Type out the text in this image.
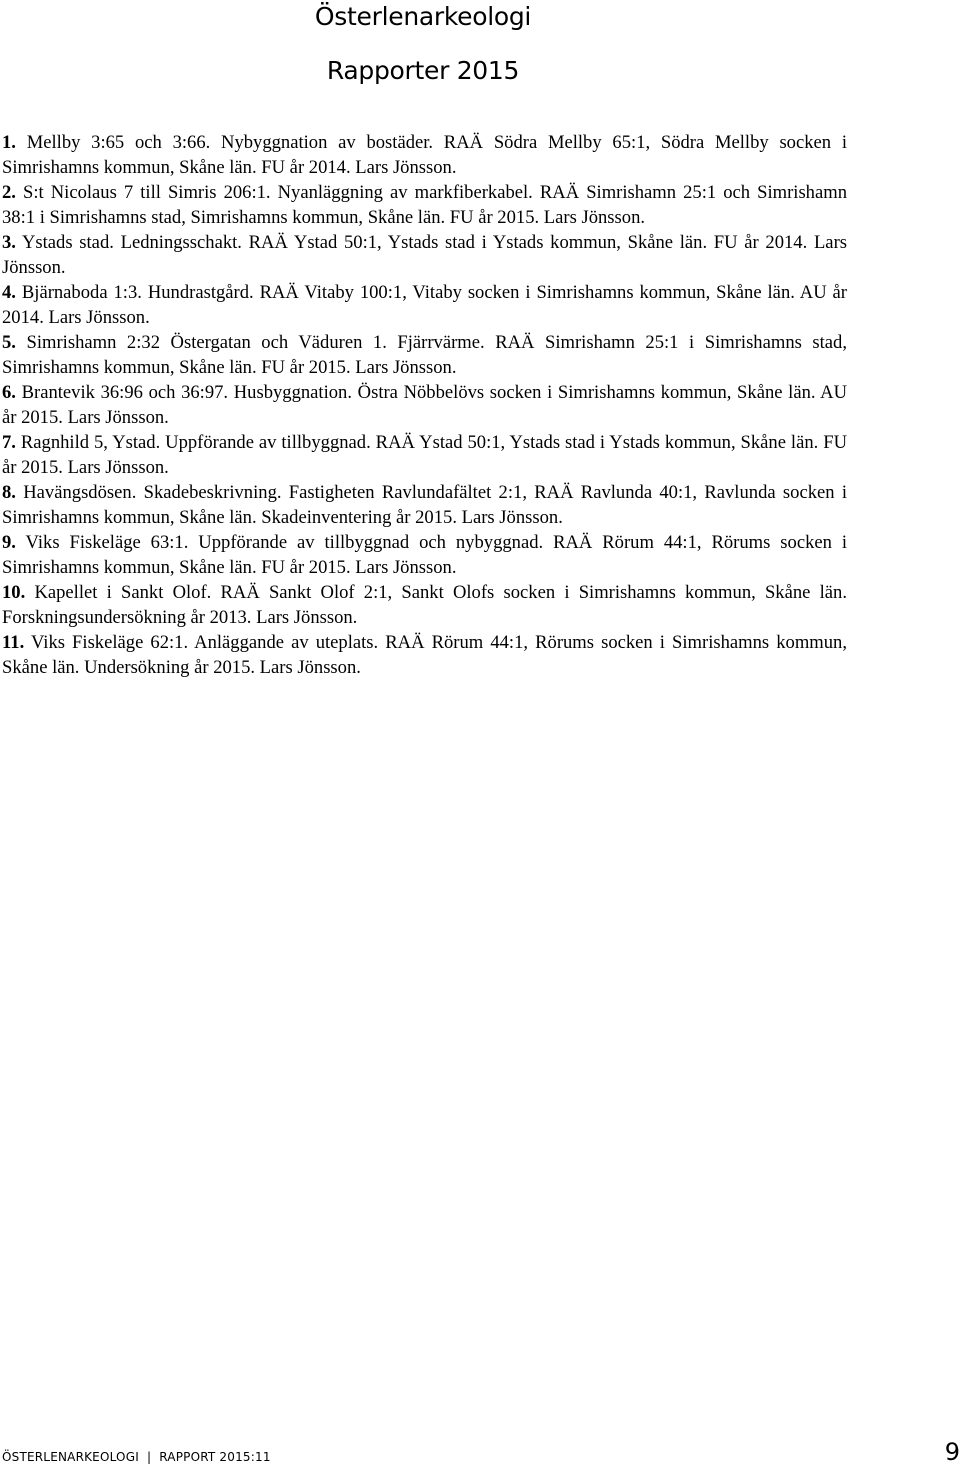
Österlenarkeologi
Rapporter 2015
1. Mellby 3:65 och 3:66. Nybyggnation av bostäder. RAÄ Södra Mellby 65:1, Södra Mellby socken i Simrishamns kommun, Skåne län. FU år 2014. Lars Jönsson.
2. S:t Nicolaus 7 till Simris 206:1. Nyanläggning av markfiberkabel. RAÄ Simrishamn 25:1 och Simrishamn 38:1 i Simrishamns stad, Simrishamns kommun, Skåne län. FU år 2015. Lars Jönsson.
3. Ystads stad. Ledningsschakt. RAÄ Ystad 50:1, Ystads stad i Ystads kommun, Skåne län. FU år 2014. Lars Jönsson.
4. Bjärnaboda 1:3. Hundrastgård. RAÄ Vitaby 100:1, Vitaby socken i Simrishamns kommun, Skåne län. AU år 2014. Lars Jönsson.
5. Simrishamn 2:32 Östergatan och Väduren 1. Fjärrvärme. RAÄ Simrishamn 25:1 i Simrishamns stad, Simrishamns kommun, Skåne län. FU år 2015. Lars Jönsson.
6. Brantevik 36:96 och 36:97. Husbyggnation. Östra Nöbbelövs socken i Simrishamns kommun, Skåne län. AU år 2015. Lars Jönsson.
7. Ragnhild 5, Ystad. Uppförande av tillbyggnad. RAÄ Ystad 50:1, Ystads stad i Ystads kommun, Skåne län. FU år 2015. Lars Jönsson.
8. Havängsdösen. Skadebeskrivning. Fastigheten Ravlundafältet 2:1, RAÄ Ravlunda 40:1, Ravlunda socken i Simrishamns kommun, Skåne län. Skadeinventering år 2015. Lars Jönsson.
9. Viks Fiskeläge 63:1. Uppförande av tillbyggnad och nybyggnad. RAÄ Rörum 44:1, Rörums socken i Simrishamns kommun, Skåne län. FU år 2015. Lars Jönsson.
10. Kapellet i Sankt Olof. RAÄ Sankt Olof 2:1, Sankt Olofs socken i Simrishamns kommun, Skåne län. Forskningsundersökning år 2013. Lars Jönsson.
11. Viks Fiskeläge 62:1. Anläggande av uteplats. RAÄ Rörum 44:1, Rörums socken i Simrishamns kommun, Skåne län. Undersökning år 2015. Lars Jönsson.
ÖSTERLENARKEOLOGI  |  RAPPORT 2015:11	9
